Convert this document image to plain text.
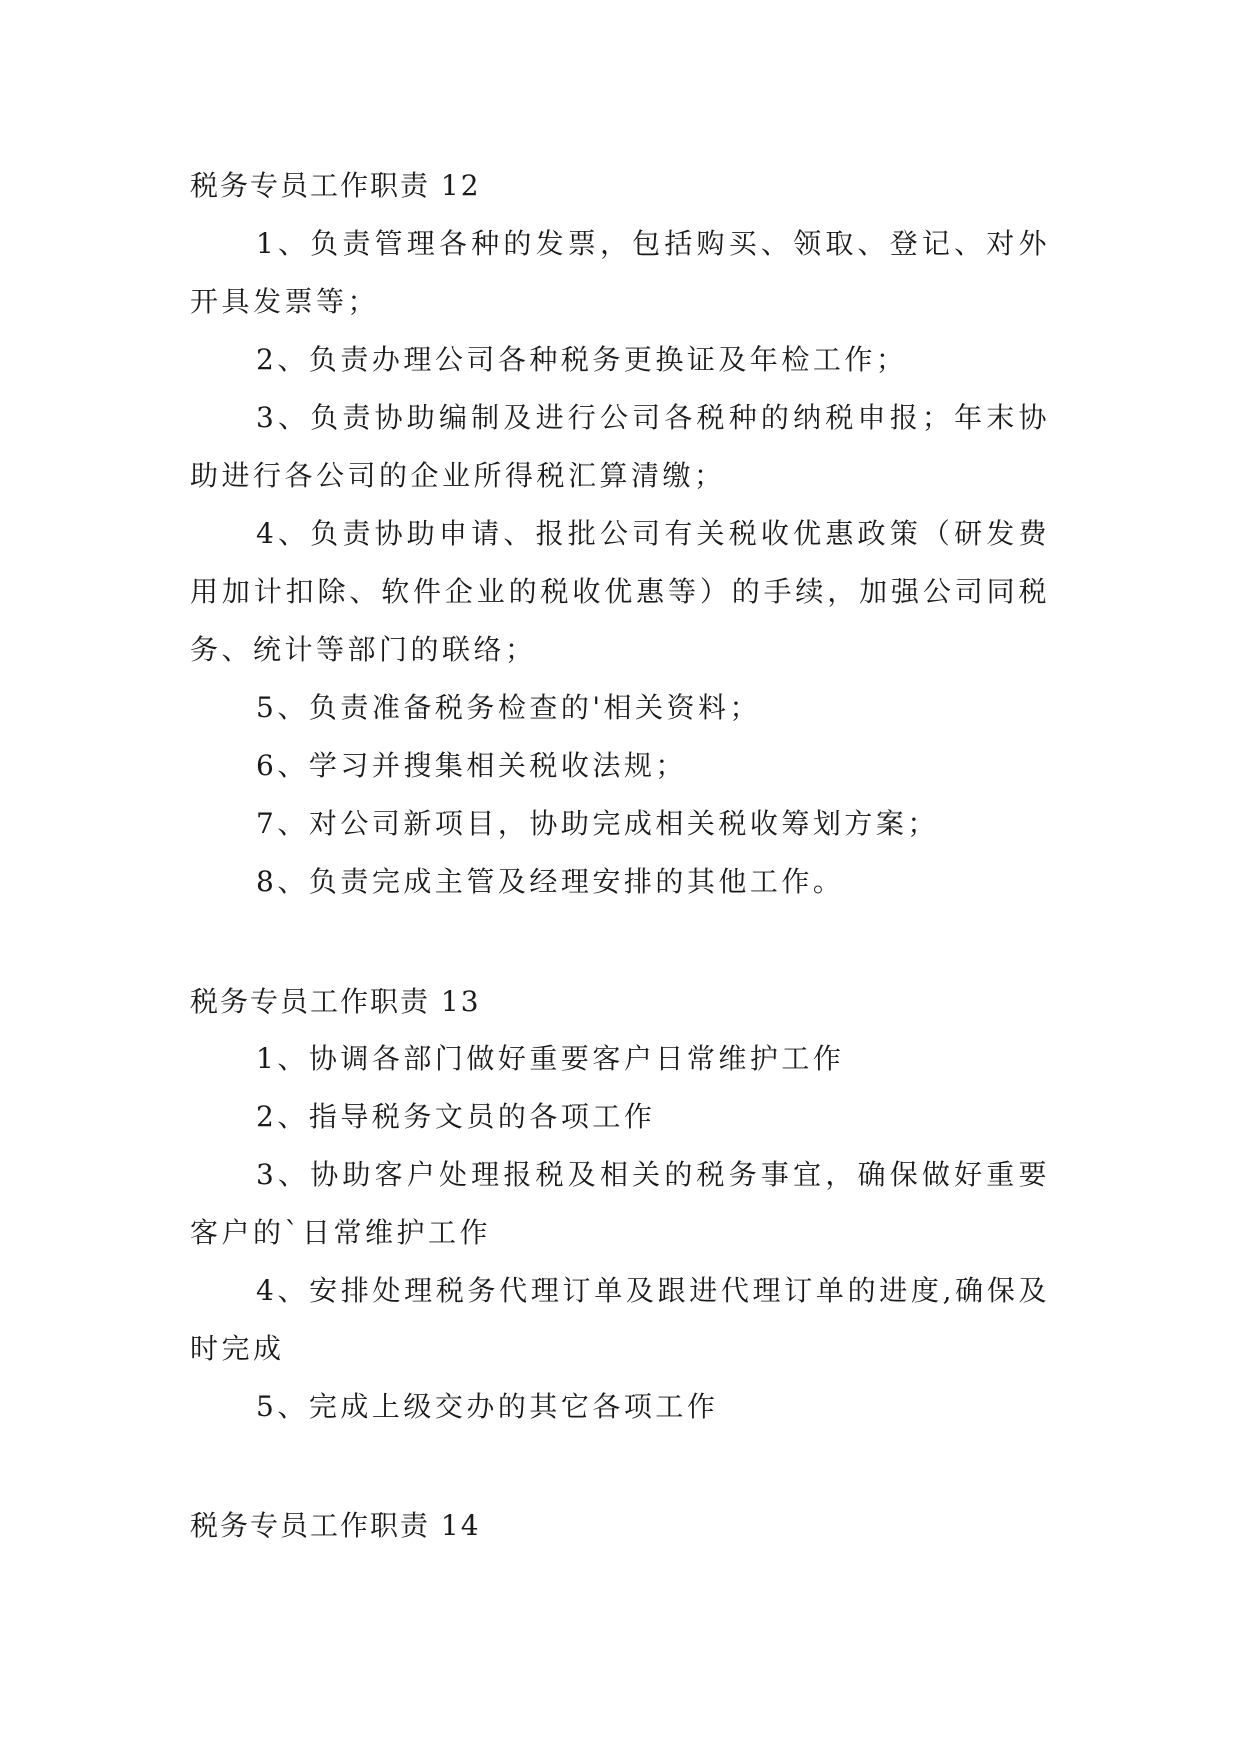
税务专员工作职责 12

1、负责管理各种的发票，包括购买、领取、登记、对外开具发票等；

2、负责办理公司各种税务更换证及年检工作；

3、负责协助编制及进行公司各税种的纳税申报；年末协助进行各公司的企业所得税汇算清缴；

4、负责协助申请、报批公司有关税收优惠政策（研发费用加计扣除、软件企业的税收优惠等）的手续，加强公司同税务、统计等部门的联络；

5、负责准备税务检查的'相关资料；

6、学习并搜集相关税收法规；

7、对公司新项目，协助完成相关税收筹划方案；

8、负责完成主管及经理安排的其他工作。

税务专员工作职责 13

1、协调各部门做好重要客户日常维护工作

2、指导税务文员的各项工作

3、协助客户处理报税及相关的税务事宜，确保做好重要客户的`日常维护工作

4、安排处理税务代理订单及跟进代理订单的进度,确保及时完成

5、完成上级交办的其它各项工作

税务专员工作职责 14
